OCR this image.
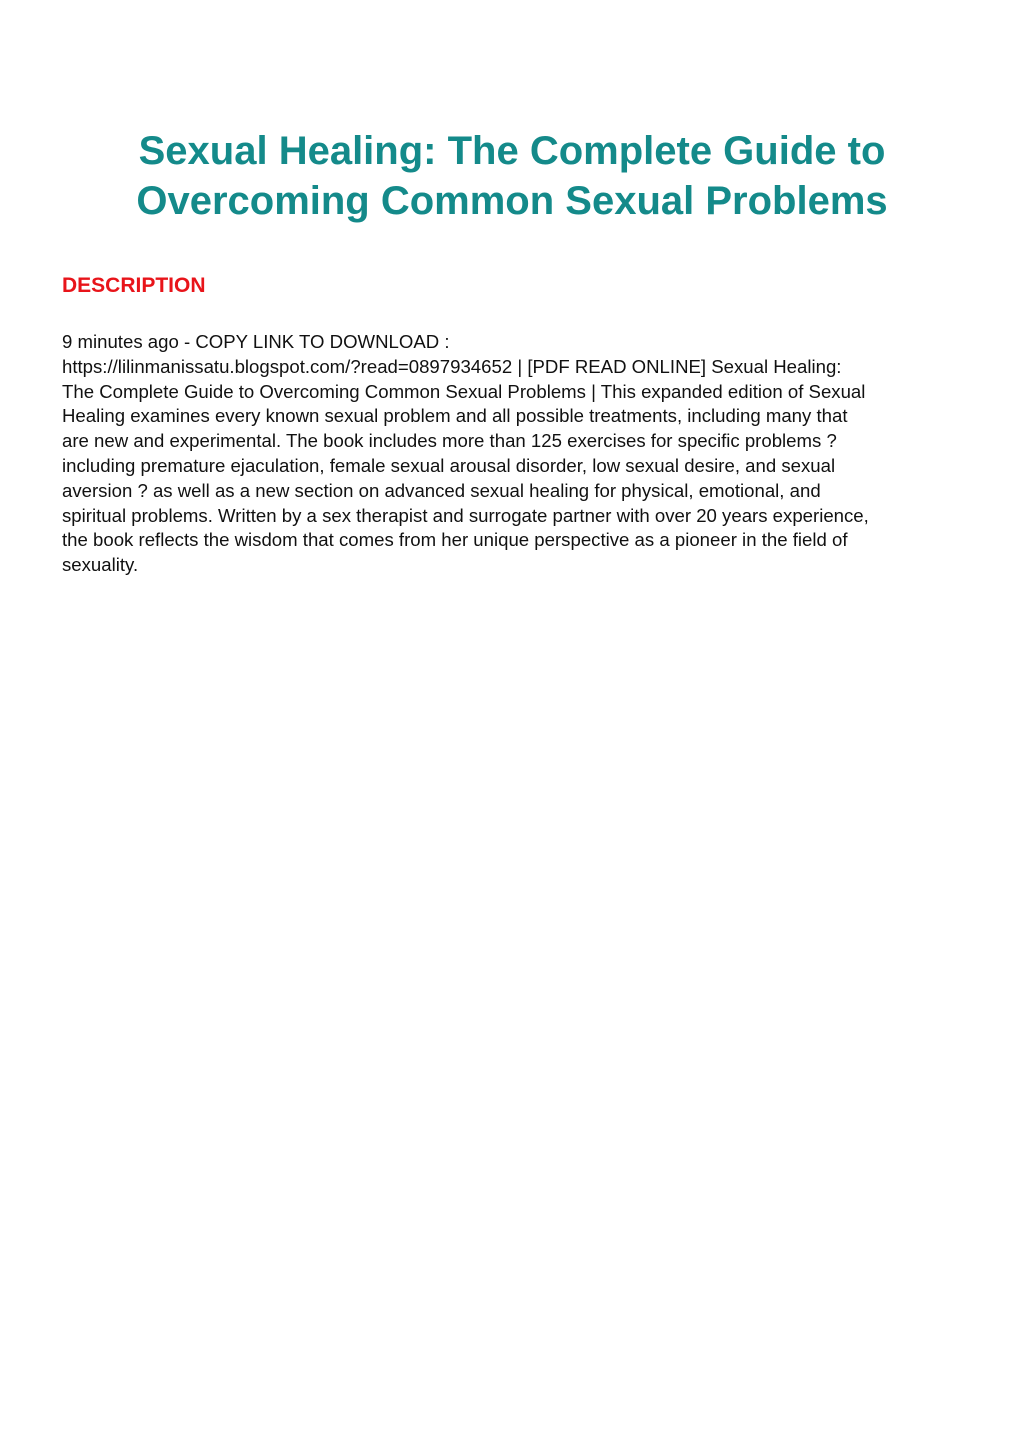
Sexual Healing: The Complete Guide to
Overcoming Common Sexual Problems
DESCRIPTION
9 minutes ago - COPY LINK TO DOWNLOAD :
https://lilinmanissatu.blogspot.com/?read=0897934652 | [PDF READ ONLINE] Sexual Healing:
The Complete Guide to Overcoming Common Sexual Problems | This expanded edition of Sexual
Healing examines every known sexual problem and all possible treatments, including many that
are new and experimental. The book includes more than 125 exercises for specific problems ?
including premature ejaculation, female sexual arousal disorder, low sexual desire, and sexual
aversion ? as well as a new section on advanced sexual healing for physical, emotional, and
spiritual problems. Written by a sex therapist and surrogate partner with over 20 years experience,
the book reflects the wisdom that comes from her unique perspective as a pioneer in the field of
sexuality.
